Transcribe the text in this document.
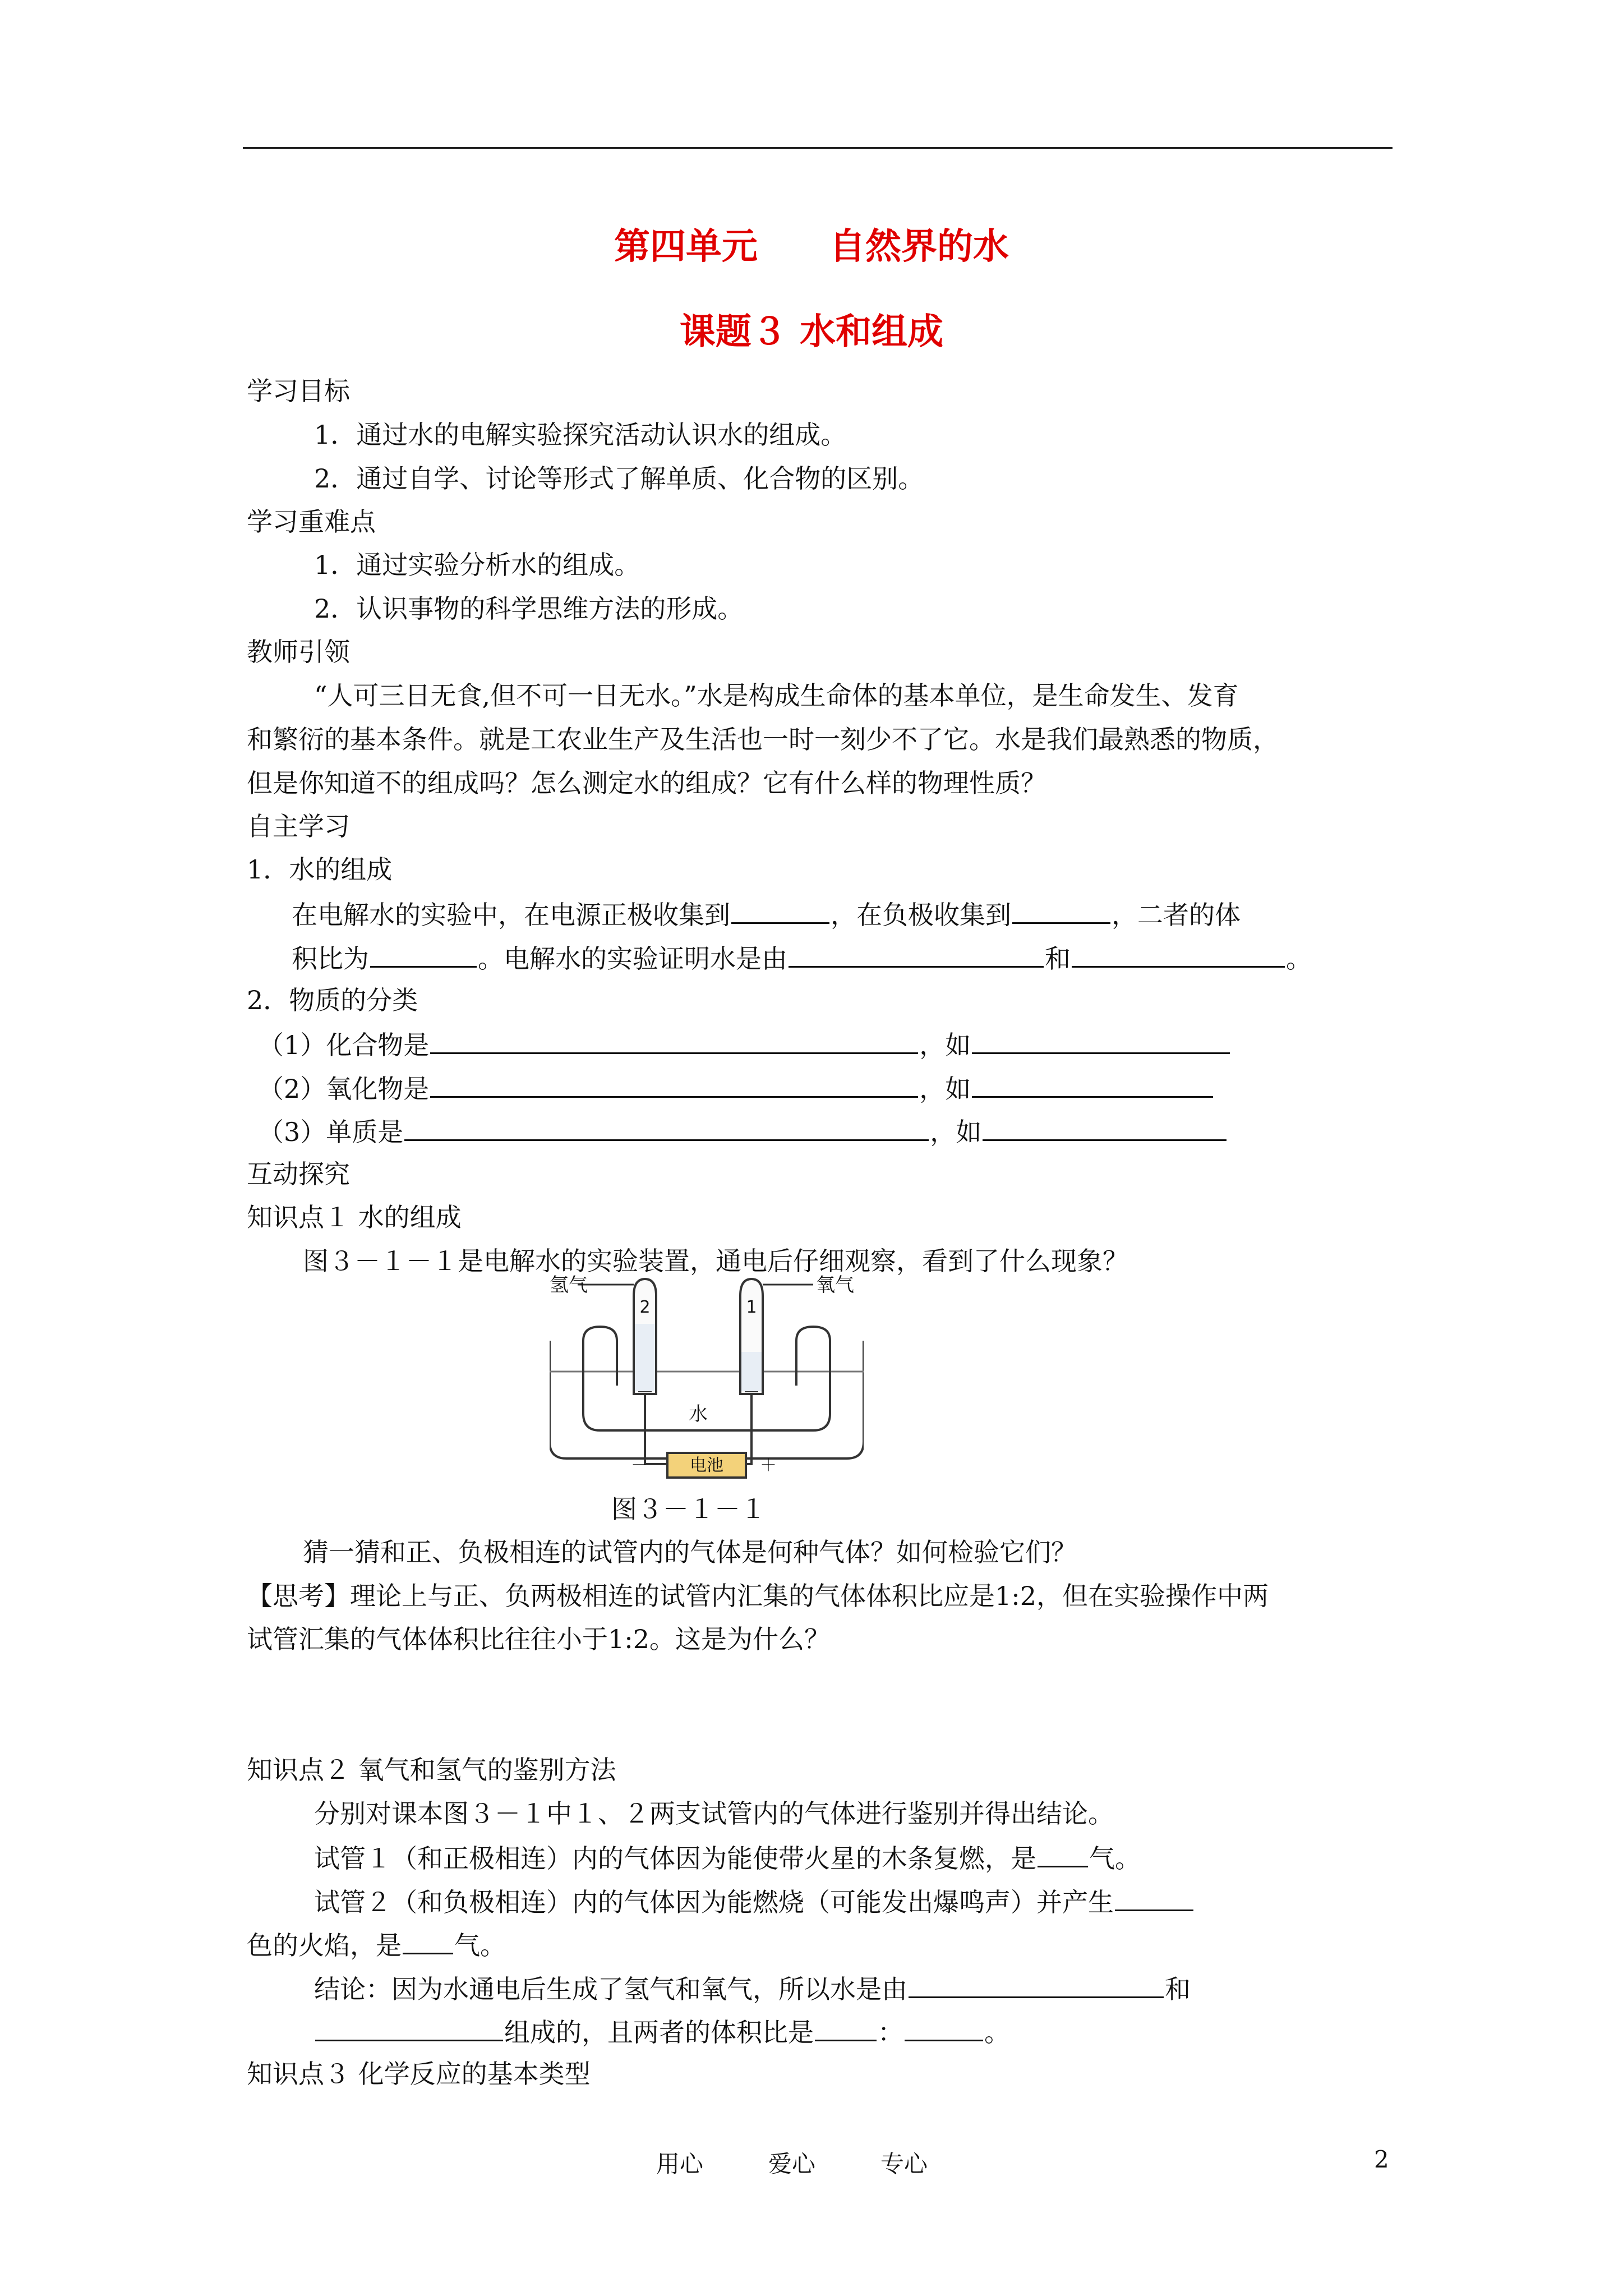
第四单元　　自然界的水
课题３ 水和组成
学习目标
1．通过水的电解实验探究活动认识水的组成。
2．通过自学、讨论等形式了解单质、化合物的区别。
学习重难点
1．通过实验分析水的组成。
2．认识事物的科学思维方法的形成。
教师引领
“人可三日无食,但不可一日无水。”水是构成生命体的基本单位，是生命发生、发育
和繁衍的基本条件。就是工农业生产及生活也一时一刻少不了它。水是我们最熟悉的物质，
但是你知道不的组成吗？怎么测定水的组成？它有什么样的物理性质？
自主学习
1．水的组成
在电解水的实验中，在电源正极收集到	，在负极收集到	，二者的体
积比为	。电解水的实验证明水是由	和	。
2．物质的分类
（1）化合物是	，如
（2）氧化物是	，如
（3）单质是	，如
互动探究
知识点１ 水的组成
图３－１－１是电解水的实验装置，通电后仔细观察，看到了什么现象？
电池
－	＋
氢气	氧气
2	1
水
图３－１－１
猜一猜和正、负极相连的试管内的气体是何种气体？如何检验它们？
【思考】理论上与正、负两极相连的试管内汇集的气体体积比应是1:2，但在实验操作中两
试管汇集的气体体积比往往小于1:2。这是为什么？
知识点２ 氧气和氢气的鉴别方法
分别对课本图３－１中１、２两支试管内的气体进行鉴别并得出结论。
试管１（和正极相连）内的气体因为能使带火星的木条复燃，是 气。
试管２（和负极相连）内的气体因为能燃烧（可能发出爆鸣声）并产生
色的火焰，是 气。
结论：因为水通电后生成了氢气和氧气，所以水是由	和
组成的，且两者的体积比是 ：	。
知识点３ 化学反应的基本类型
用心	爱心	专心	2
